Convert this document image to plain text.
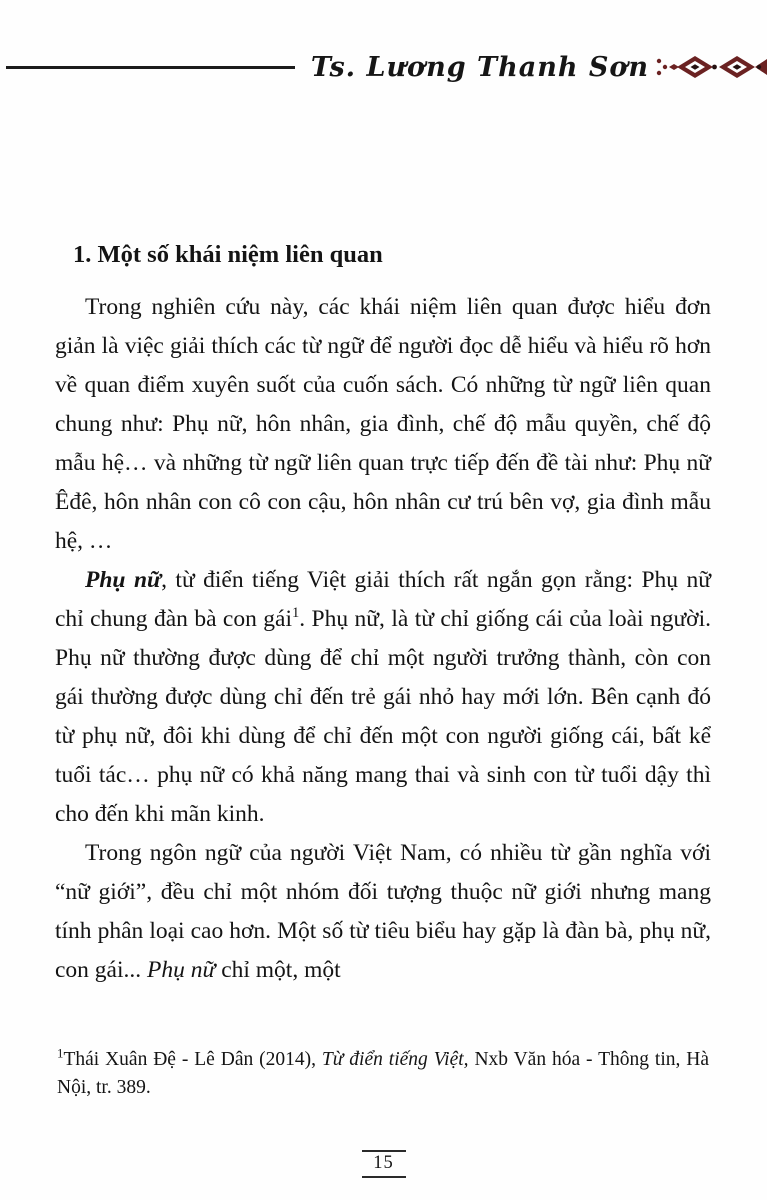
Ts. Lương Thanh Sơn
1. Một số khái niệm liên quan

Trong nghiên cứu này, các khái niệm liên quan được hiểu đơn giản là việc giải thích các từ ngữ để người đọc dễ hiểu và hiểu rõ hơn về quan điểm xuyên suốt của cuốn sách. Có những từ ngữ liên quan chung như: Phụ nữ, hôn nhân, gia đình, chế độ mẫu quyền, chế độ mẫu hệ… và những từ ngữ liên quan trực tiếp đến đề tài như: Phụ nữ Êđê, hôn nhân con cô con cậu, hôn nhân cư trú bên vợ, gia đình mẫu hệ, …

Phụ nữ, từ điển tiếng Việt giải thích rất ngắn gọn rằng: Phụ nữ chỉ chung đàn bà con gái$^1$. Phụ nữ, là từ chỉ giống cái của loài người. Phụ nữ thường được dùng để chỉ một người trưởng thành, còn con gái thường được dùng chỉ đến trẻ gái nhỏ hay mới lớn. Bên cạnh đó từ phụ nữ, đôi khi dùng để chỉ đến một con người giống cái, bất kể tuổi tác… phụ nữ có khả năng mang thai và sinh con từ tuổi dậy thì cho đến khi mãn kinh.

Trong ngôn ngữ của người Việt Nam, có nhiều từ gần nghĩa với “nữ giới”, đều chỉ một nhóm đối tượng thuộc nữ giới nhưng mang tính phân loại cao hơn. Một số từ tiêu biểu hay gặp là đàn bà, phụ nữ, con gái... Phụ nữ chỉ một, một

$^1$Thái Xuân Đệ - Lê Dân (2014), Từ điển tiếng Việt, Nxb Văn hóa - Thông tin, Hà Nội, tr. 389.
15
